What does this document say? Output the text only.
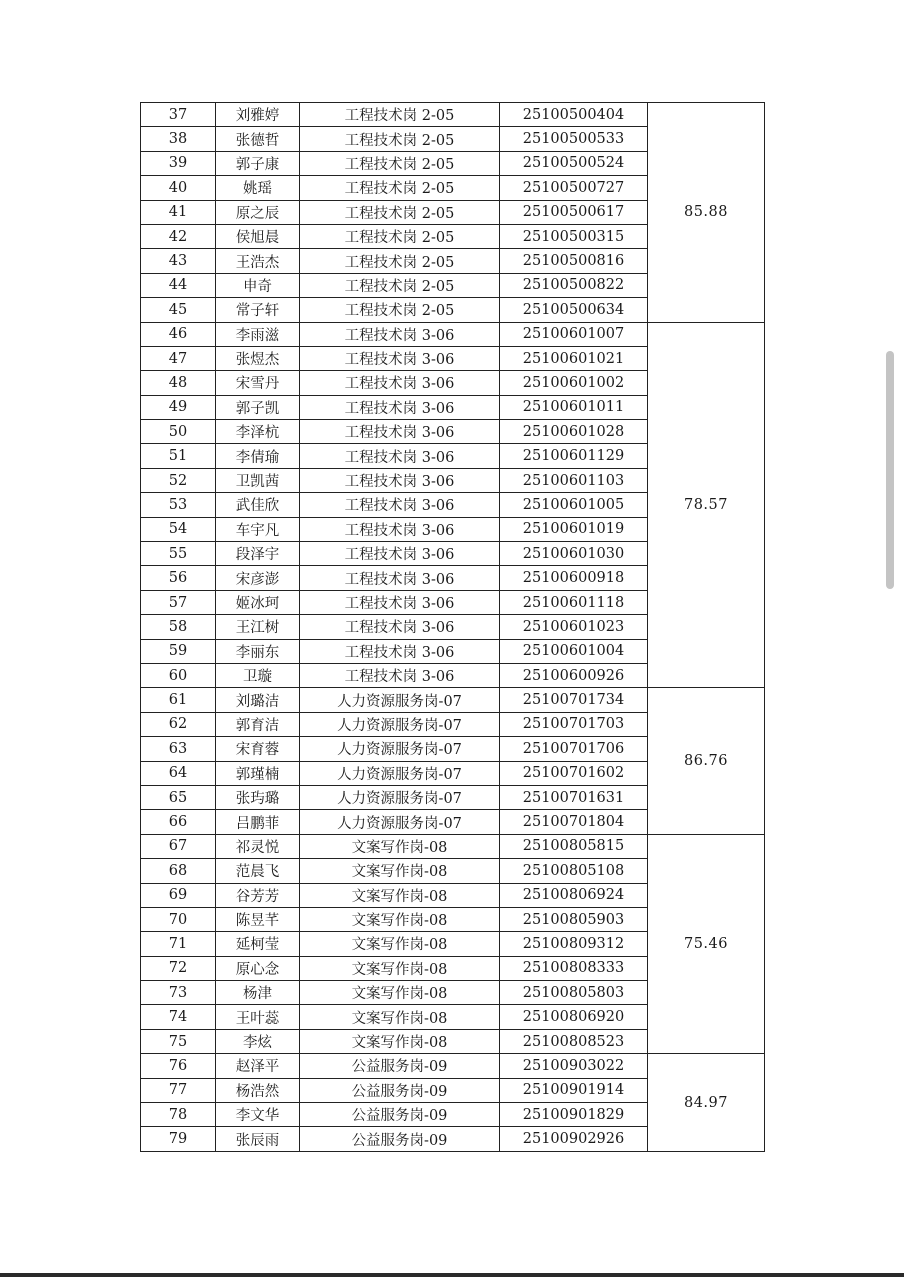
37	刘雅婷	工程技术岗 2-05	25100500404	85.88
38	张德哲	工程技术岗 2-05	25100500533	
39	郭子康	工程技术岗 2-05	25100500524	
40	姚瑶	工程技术岗 2-05	25100500727	
41	原之辰	工程技术岗 2-05	25100500617	
42	侯旭晨	工程技术岗 2-05	25100500315	
43	王浩杰	工程技术岗 2-05	25100500816	
44	申奇	工程技术岗 2-05	25100500822	
45	常子轩	工程技术岗 2-05	25100500634	
46	李雨滋	工程技术岗 3-06	25100601007	78.57
47	张煜杰	工程技术岗 3-06	25100601021	
48	宋雪丹	工程技术岗 3-06	25100601002	
49	郭子凯	工程技术岗 3-06	25100601011	
50	李泽杭	工程技术岗 3-06	25100601028	
51	李倩瑜	工程技术岗 3-06	25100601129	
52	卫凯茜	工程技术岗 3-06	25100601103	
53	武佳欣	工程技术岗 3-06	25100601005	
54	车宇凡	工程技术岗 3-06	25100601019	
55	段泽宇	工程技术岗 3-06	25100601030	
56	宋彦澎	工程技术岗 3-06	25100600918	
57	姬冰珂	工程技术岗 3-06	25100601118	
58	王江树	工程技术岗 3-06	25100601023	
59	李丽东	工程技术岗 3-06	25100601004	
60	卫璇	工程技术岗 3-06	25100600926	
61	刘璐洁	人力资源服务岗-07	25100701734	86.76
62	郭育洁	人力资源服务岗-07	25100701703	
63	宋育蓉	人力资源服务岗-07	25100701706	
64	郭瑾楠	人力资源服务岗-07	25100701602	
65	张玙璐	人力资源服务岗-07	25100701631	
66	吕鹏菲	人力资源服务岗-07	25100701804	
67	祁灵悦	文案写作岗-08	25100805815	75.46
68	范晨飞	文案写作岗-08	25100805108	
69	谷芳芳	文案写作岗-08	25100806924	
70	陈昱芊	文案写作岗-08	25100805903	
71	延柯莹	文案写作岗-08	25100809312	
72	原心念	文案写作岗-08	25100808333	
73	杨津	文案写作岗-08	25100805803	
74	王叶蕊	文案写作岗-08	25100806920	
75	李炫	文案写作岗-08	25100808523	
76	赵泽平	公益服务岗-09	25100903022	84.97
77	杨浩然	公益服务岗-09	25100901914	
78	李文华	公益服务岗-09	25100901829	
79	张辰雨	公益服务岗-09	25100902926	
